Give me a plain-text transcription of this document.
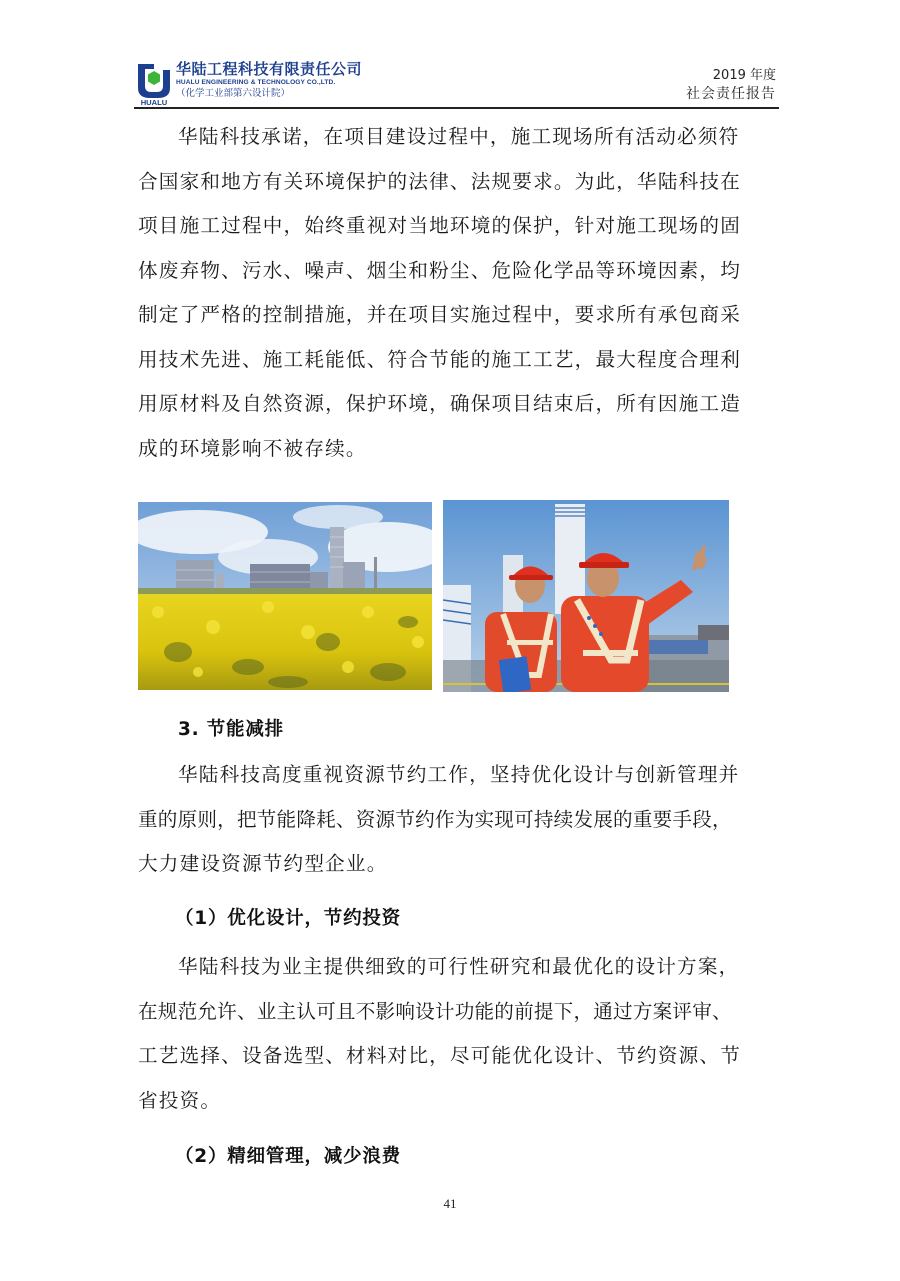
HUALU
华陆工程科技有限责任公司
HUALU ENGINEERING & TECHNOLOGY CO.,LTD.
（化学工业部第六设计院）
2019 年度
社会责任报告
华陆科技承诺，在项目建设过程中，施工现场所有活动必须符
合国家和地方有关环境保护的法律、法规要求。为此，华陆科技在
项目施工过程中，始终重视对当地环境的保护，针对施工现场的固
体废弃物、污水、噪声、烟尘和粉尘、危险化学品等环境因素，均
制定了严格的控制措施，并在项目实施过程中，要求所有承包商采
用技术先进、施工耗能低、符合节能的施工工艺，最大程度合理利
用原材料及自然资源，保护环境，确保项目结束后，所有因施工造
成的环境影响不被存续。
3. 节能减排
华陆科技高度重视资源节约工作，坚持优化设计与创新管理并
重的原则，把节能降耗、资源节约作为实现可持续发展的重要手段，
大力建设资源节约型企业。
（1）优化设计，节约投资
华陆科技为业主提供细致的可行性研究和最优化的设计方案，
在规范允许、业主认可且不影响设计功能的前提下，通过方案评审、
工艺选择、设备选型、材料对比，尽可能优化设计、节约资源、节
省投资。
（2）精细管理，减少浪费
41
